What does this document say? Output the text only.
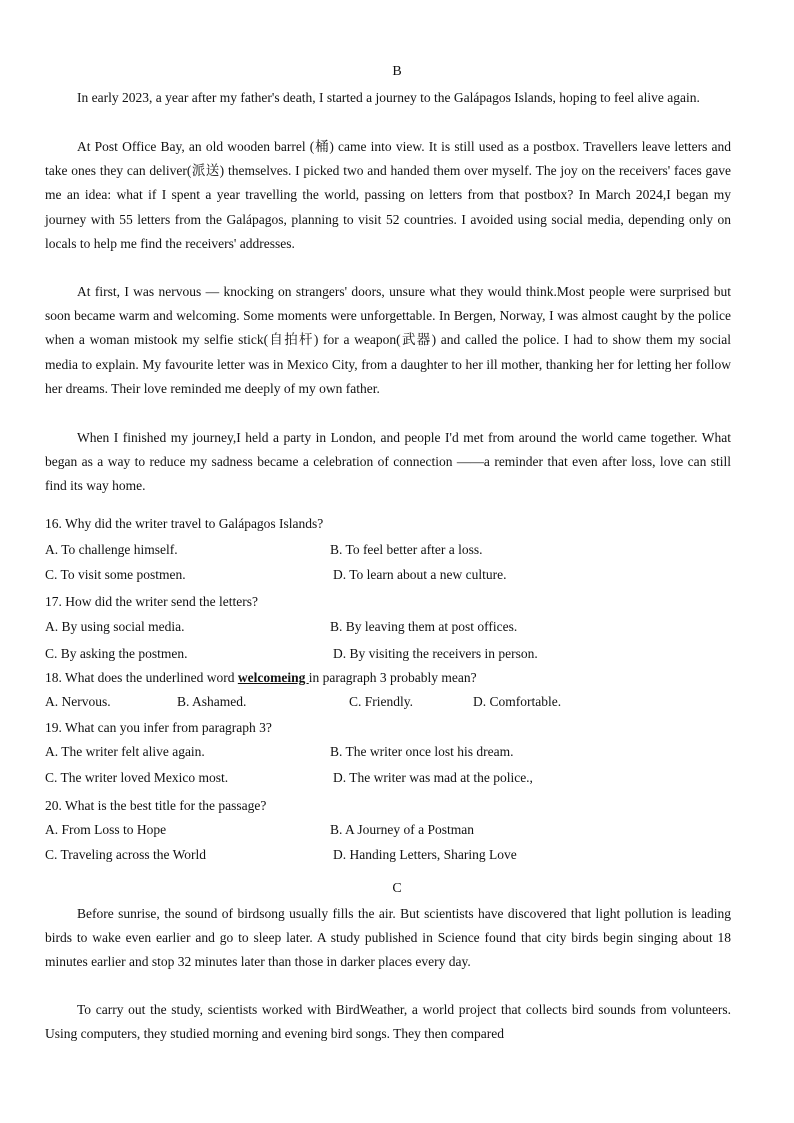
B

In early 2023, a year after my father's death, I started a journey to the Galápagos Islands, hoping to feel alive again.

At Post Office Bay, an old wooden barrel (桶) came into view. It is still used as a postbox. Travellers leave letters and take ones they can deliver(派送) themselves. I picked two and handed them over myself. The joy on the receivers' faces gave me an idea: what if I spent a year travelling the world, passing on letters from that postbox? In March 2024,I began my journey with 55 letters from the Galápagos, planning to visit 52 countries. I avoided using social media, depending only on locals to help me find the receivers' addresses.

At first, I was nervous — knocking on strangers' doors, unsure what they would think.Most people were surprised but soon became warm and welcoming. Some moments were unforgettable. In Bergen, Norway, I was almost caught by the police when a woman mistook my selfie stick(自拍杆) for a weapon(武器) and called the police. I had to show them my social media to explain. My favourite letter was in Mexico City, from a daughter to her ill mother, thanking her for letting her follow her dreams. Their love reminded me deeply of my own father.

When I finished my journey,I held a party in London, and people I'd met from around the world came together. What began as a way to reduce my sadness became a celebration of connection ——a reminder that even after loss, love can still find its way home.

16. Why did the writer travel to Galápagos Islands?
A. To challenge himself.	B. To feel better after a loss.
C. To visit some postmen.	D. To learn about a new culture.
17. How did the writer send the letters?
A. By using social media.	B. By leaving them at post offices.
C. By asking the postmen.	D. By visiting the receivers in person.
18. What does the underlined word welcomeing in paragraph 3 probably mean?
A. Nervous.	B. Ashamed.	C. Friendly.	D. Comfortable.
19. What can you infer from paragraph 3?
A. The writer felt alive again.	B. The writer once lost his dream.
C. The writer loved Mexico most.	D. The writer was mad at the police.,
20. What is the best title for the passage?
A. From Loss to Hope	B. A Journey of a Postman
C. Traveling across the World	D. Handing Letters, Sharing Love
C

Before sunrise, the sound of birdsong usually fills the air. But scientists have discovered that light pollution is leading birds to wake even earlier and go to sleep later. A study published in Science found that city birds begin singing about 18 minutes earlier and stop 32 minutes later than those in darker places every day.

To carry out the study, scientists worked with BirdWeather, a world project that collects bird sounds from volunteers. Using computers, they studied morning and evening bird songs. They then compared
